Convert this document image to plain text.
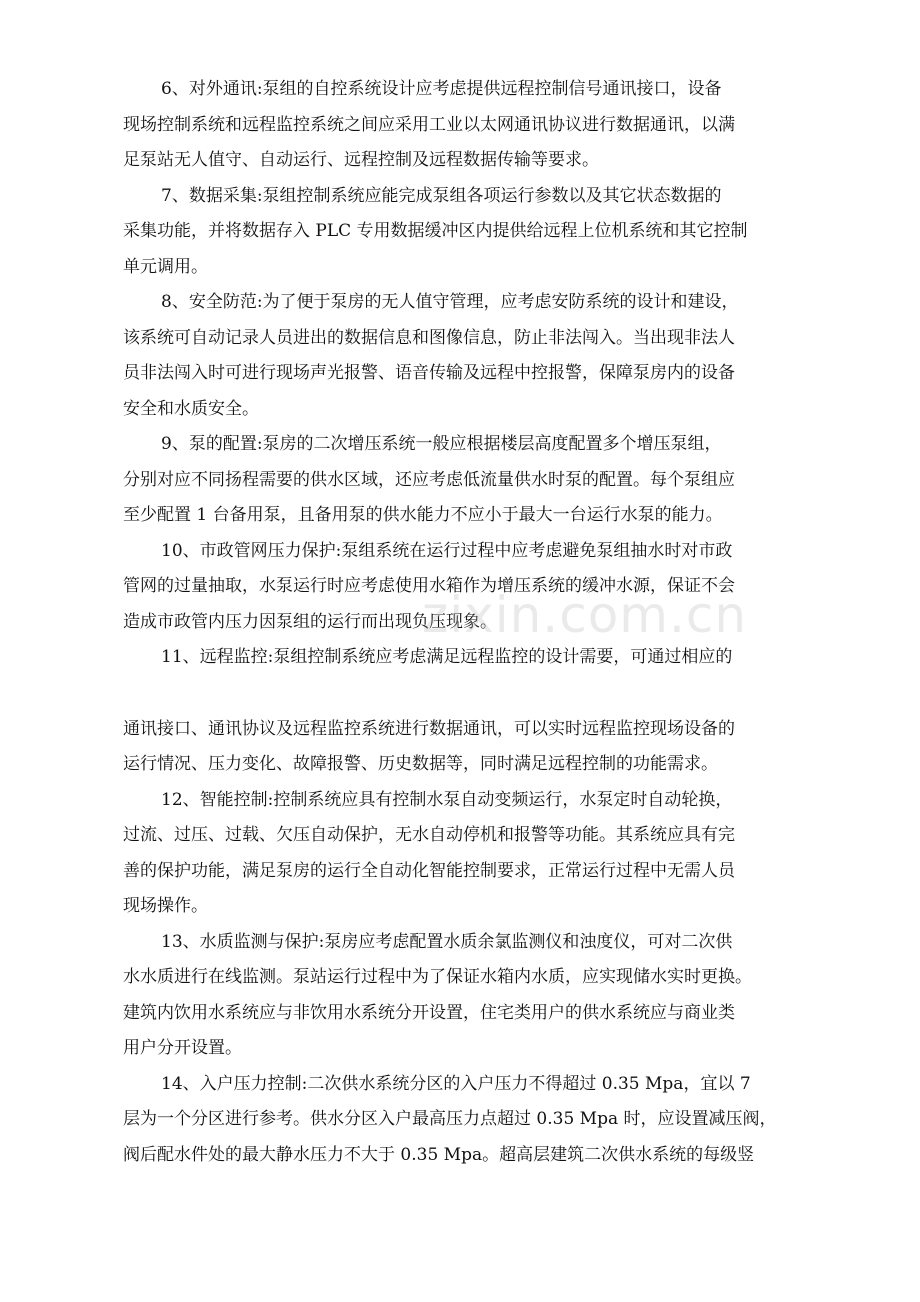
6、对外通讯:泵组的自控系统设计应考虑提供远程控制信号通讯接口，设备
现场控制系统和远程监控系统之间应采用工业以太网通讯协议进行数据通讯，以满
足泵站无人值守、自动运行、远程控制及远程数据传输等要求。
7、数据采集:泵组控制系统应能完成泵组各项运行参数以及其它状态数据的
采集功能，并将数据存入 PLC 专用数据缓冲区内提供给远程上位机系统和其它控制
单元调用。
8、安全防范:为了便于泵房的无人值守管理，应考虑安防系统的设计和建设，
该系统可自动记录人员进出的数据信息和图像信息，防止非法闯入。当出现非法人
员非法闯入时可进行现场声光报警、语音传输及远程中控报警，保障泵房内的设备
安全和水质安全。
9、泵的配置:泵房的二次增压系统一般应根据楼层高度配置多个增压泵组，
分别对应不同扬程需要的供水区域，还应考虑低流量供水时泵的配置。每个泵组应
至少配置 1 台备用泵，且备用泵的供水能力不应小于最大一台运行水泵的能力。
10、市政管网压力保护:泵组系统在运行过程中应考虑避免泵组抽水时对市政
管网的过量抽取，水泵运行时应考虑使用水箱作为增压系统的缓冲水源，保证不会
造成市政管内压力因泵组的运行而出现负压现象。
11、远程监控:泵组控制系统应考虑满足远程监控的设计需要，可通过相应的
通讯接口、通讯协议及远程监控系统进行数据通讯，可以实时远程监控现场设备的
运行情况、压力变化、故障报警、历史数据等，同时满足远程控制的功能需求。
12、智能控制:控制系统应具有控制水泵自动变频运行，水泵定时自动轮换，
过流、过压、过载、欠压自动保护，无水自动停机和报警等功能。其系统应具有完
善的保护功能，满足泵房的运行全自动化智能控制要求，正常运行过程中无需人员
现场操作。
13、水质监测与保护:泵房应考虑配置水质余氯监测仪和浊度仪，可对二次供
水水质进行在线监测。泵站运行过程中为了保证水箱内水质，应实现储水实时更换。
建筑内饮用水系统应与非饮用水系统分开设置，住宅类用户的供水系统应与商业类
用户分开设置。
14、入户压力控制:二次供水系统分区的入户压力不得超过 0.35 Mpa，宜以 7
层为一个分区进行参考。供水分区入户最高压力点超过 0.35 Mpa 时，应设置减压阀，
阀后配水件处的最大静水压力不大于 0.35 Mpa。超高层建筑二次供水系统的每级竖
zixin.com.cn
